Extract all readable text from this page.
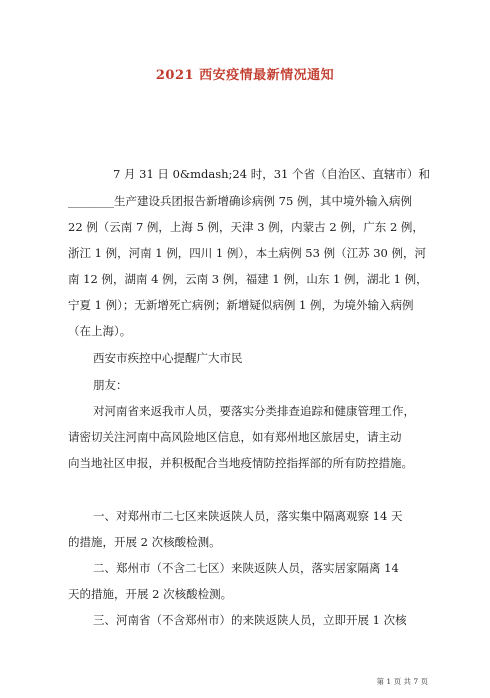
2021 西安疫情最新情况通知
7 月 31 日 0&mdash;24 时，31 个省（自治区、直辖市）和
________生产建设兵团报告新增确诊病例 75 例，其中境外输入病例
22 例（云南 7 例，上海 5 例，天津 3 例，内蒙古 2 例，广东 2 例，
浙江 1 例，河南 1 例，四川 1 例），本土病例 53 例（江苏 30 例，河
南 12 例，湖南 4 例，云南 3 例，福建 1 例，山东 1 例，湖北 1 例，
宁夏 1 例）；无新增死亡病例；新增疑似病例 1 例，为境外输入病例
（在上海）。
西安市疾控中心提醒广大市民
朋友：
对河南省来返我市人员，要落实分类排查追踪和健康管理工作，
请密切关注河南中高风险地区信息，如有郑州地区旅居史，请主动
向当地社区申报，并积极配合当地疫情防控指挥部的所有防控措施。
一、对郑州市二七区来陕返陕人员，落实集中隔离观察 14 天
的措施，开展 2 次核酸检测。
二、郑州市（不含二七区）来陕返陕人员，落实居家隔离 14
天的措施，开展 2 次核酸检测。
三、河南省（不含郑州市）的来陕返陕人员，立即开展 1 次核
第 1 页 共 7 页
